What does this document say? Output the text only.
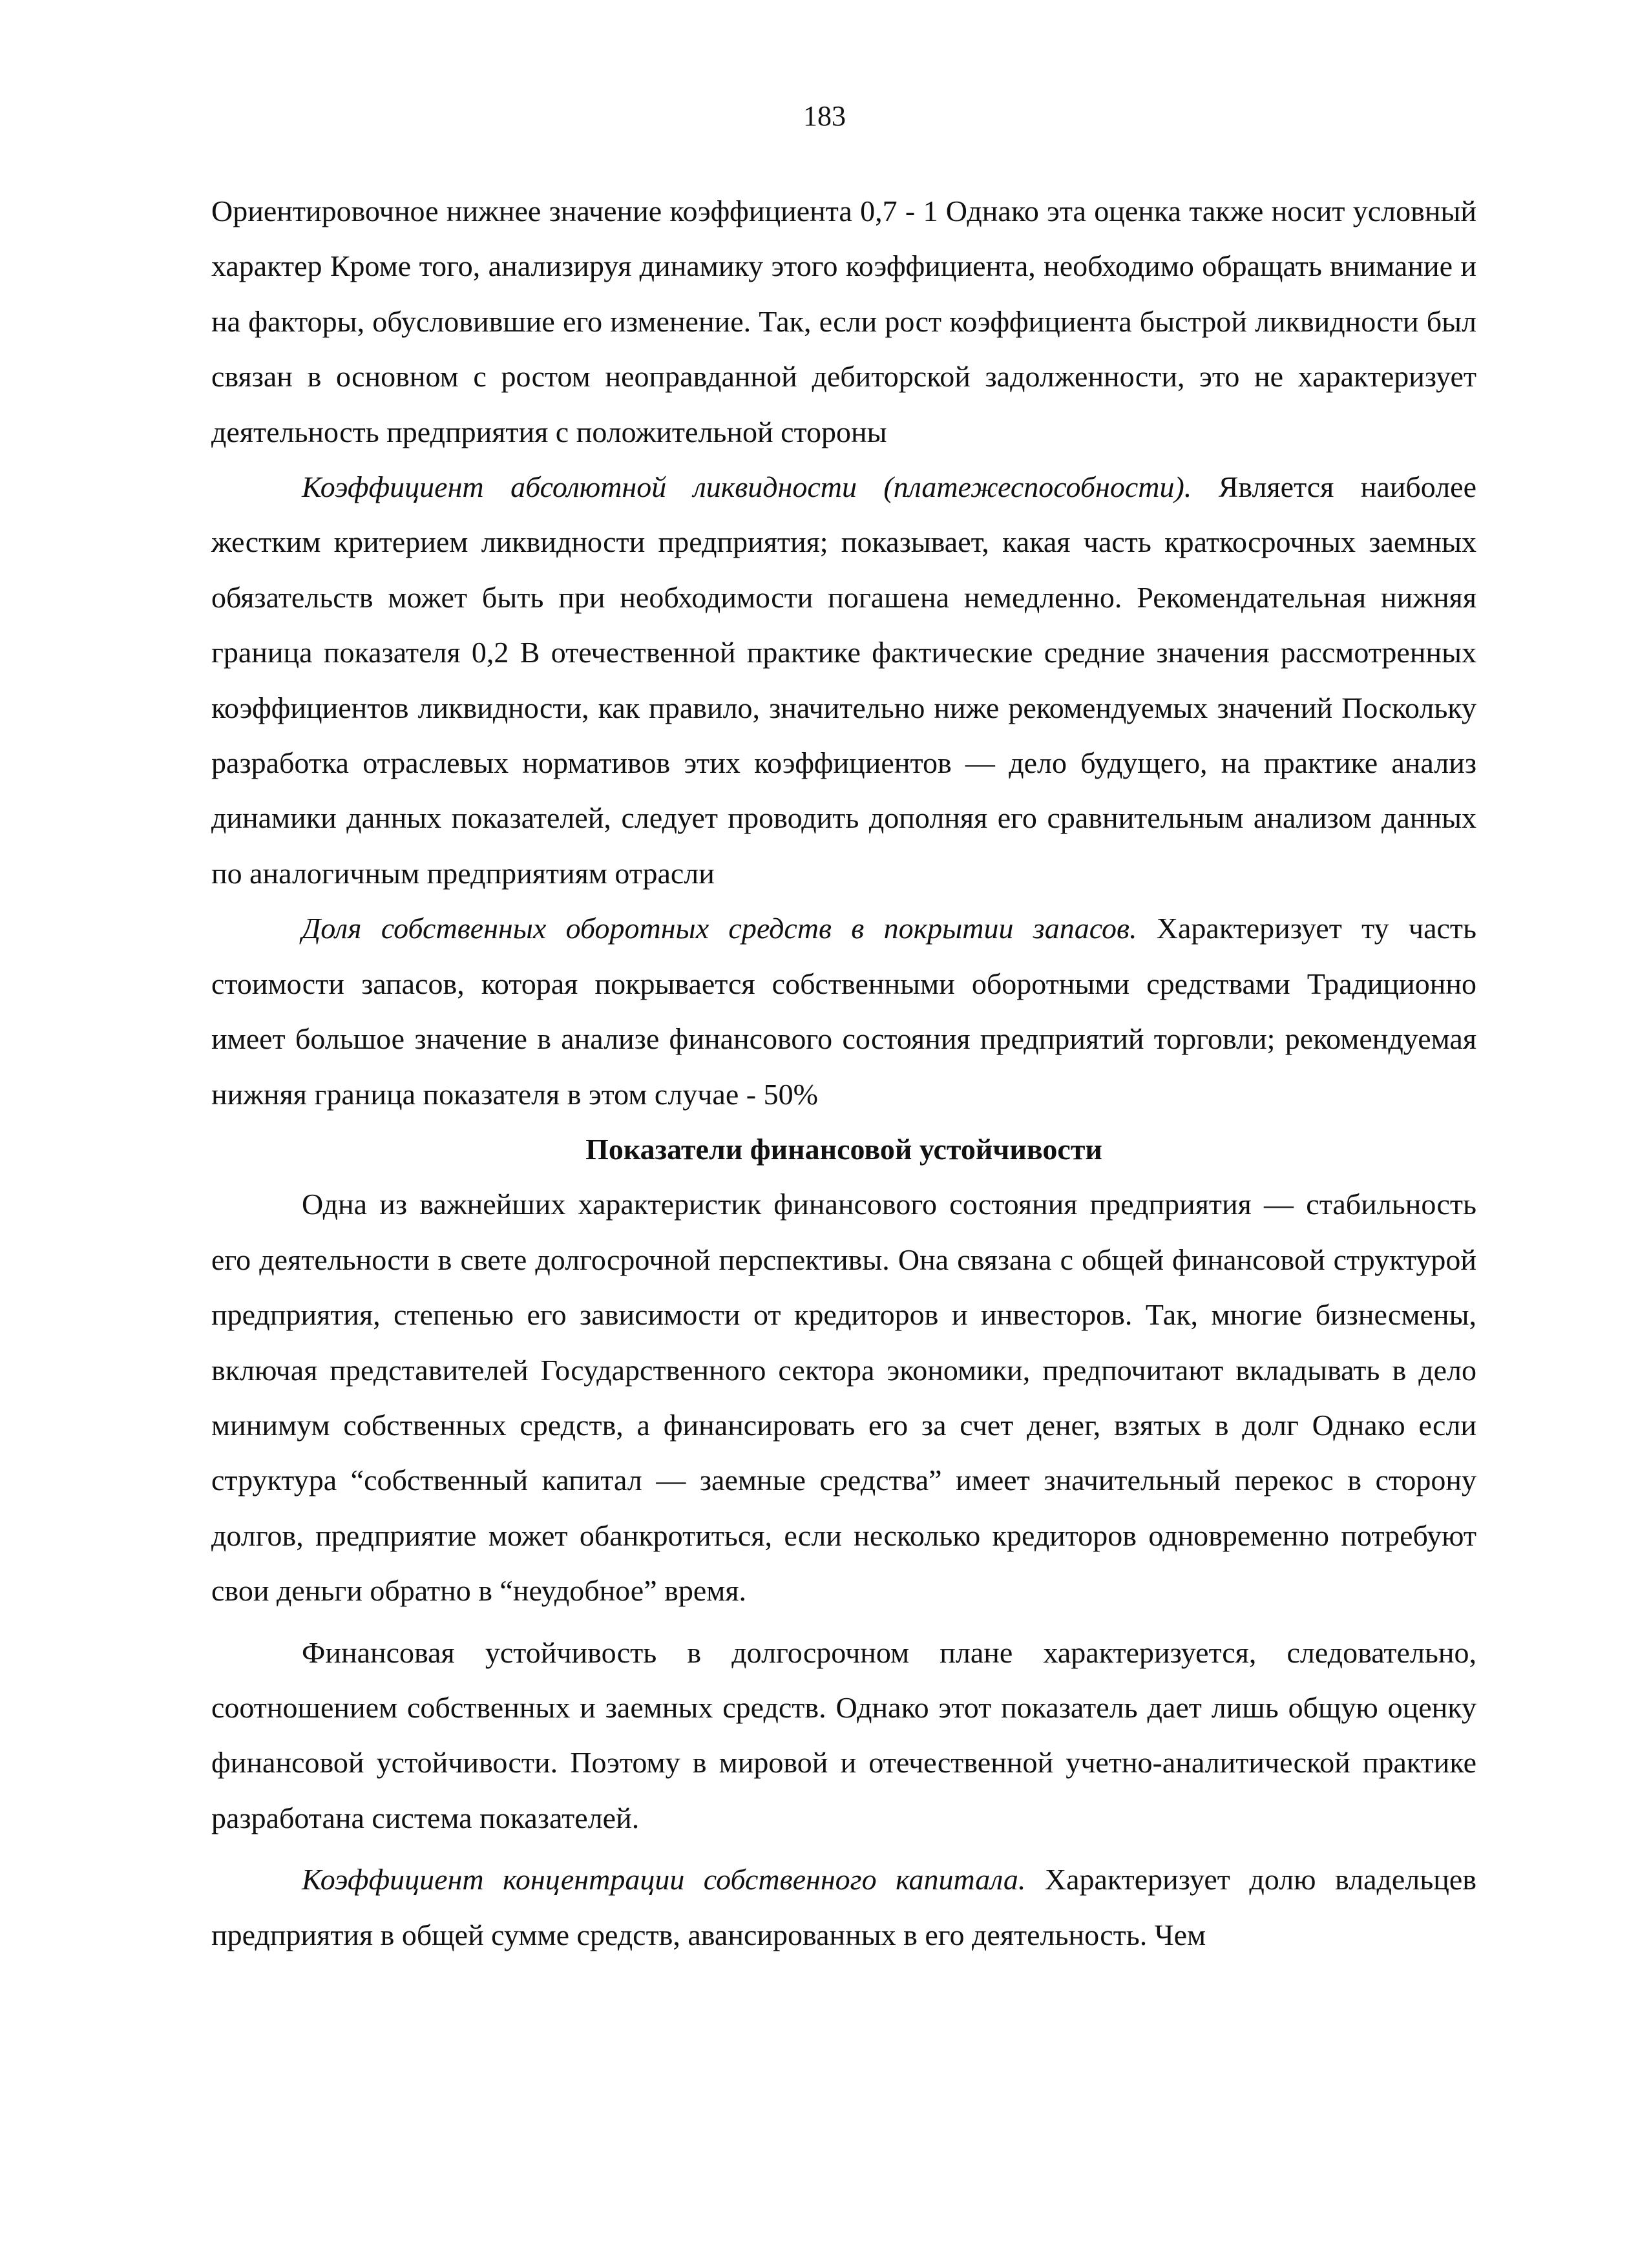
183

Ориентировочное нижнее значение коэффициента 0,7 - 1 Однако эта оценка также носит условный характер Кроме того, анализируя динамику этого коэффициента, необходимо обращать внимание и на факторы, обусловившие его изменение. Так, если рост коэффициента быстрой ликвидности был связан в основном с ростом неоправданной дебиторской задолженности, это не характеризует деятельность предприятия с положительной стороны

Коэффициент абсолютной ликвидности (платежеспособности). Является наиболее жестким критерием ликвидности предприятия; показывает, какая часть краткосрочных заемных обязательств может быть при необходимости погашена немедленно. Рекомендательная нижняя граница показателя 0,2 В отечественной практике фактические средние значения рассмотренных коэффициентов ликвидности, как правило, значительно ниже рекомендуемых значений Поскольку разработка отраслевых нормативов этих коэффициентов — дело будущего, на практике анализ динамики данных показателей, следует проводить дополняя его сравнительным анализом данных по аналогичным предприятиям отрасли

Доля собственных оборотных средств в покрытии запасов. Характеризует ту часть стоимости запасов, которая покрывается собственными оборотными средствами Традиционно имеет большое значение в анализе финансового состояния предприятий торговли; рекомендуемая нижняя граница показателя в этом случае - 50%

Показатели финансовой устойчивости

Одна из важнейших характеристик финансового состояния предприятия — стабильность его деятельности в свете долгосрочной перспективы. Она связана с общей финансовой структурой предприятия, степенью его зависимости от кредиторов и инвесторов. Так, многие бизнесмены, включая представителей Государственного сектора экономики, предпочитают вкладывать в дело минимум собственных средств, а финансировать его за счет денег, взятых в долг Однако если структура “собственный капитал — заемные средства” имеет значительный перекос в сторону долгов, предприятие может обанкротиться, если несколько кредиторов одновременно потребуют свои деньги обратно в “неудобное” время.

Финансовая устойчивость в долгосрочном плане характеризуется, следовательно, соотношением собственных и заемных средств. Однако этот показатель дает лишь общую оценку финансовой устойчивости. Поэтому в мировой и отечественной учетно-аналитической практике разработана система показателей.

Коэффициент концентрации собственного капитала. Характеризует долю владельцев предприятия в общей сумме средств, авансированных в его деятельность. Чем
